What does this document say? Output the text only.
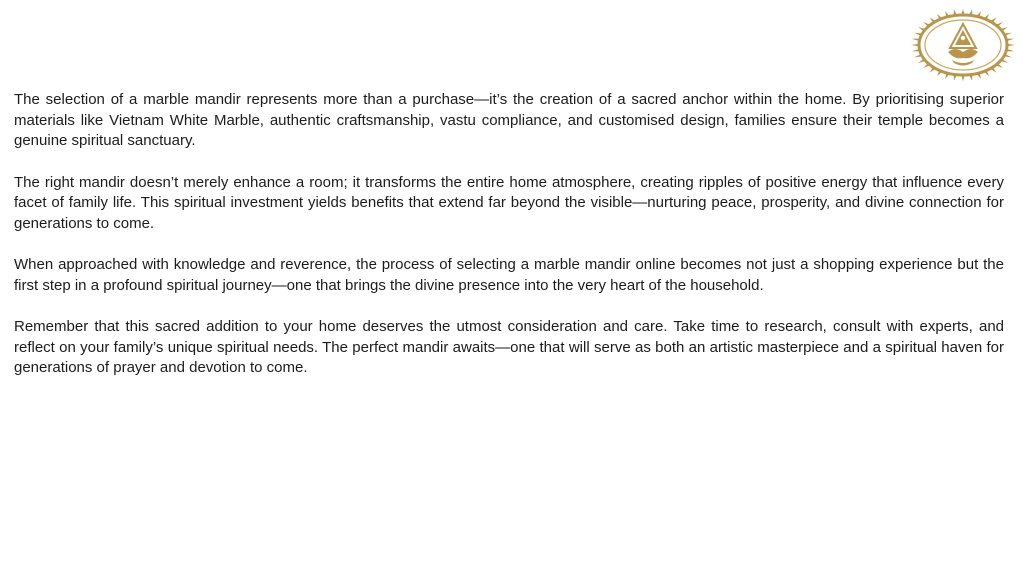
The selection of a marble mandir represents more than a purchase—it’s the creation of a sacred anchor within the home. By prioritising superior materials like Vietnam White Marble, authentic craftsmanship, vastu compliance, and customised design, families ensure their temple becomes a genuine spiritual sanctuary.

The right mandir doesn’t merely enhance a room; it transforms the entire home atmosphere, creating ripples of positive energy that influence every facet of family life. This spiritual investment yields benefits that extend far beyond the visible—nurturing peace, prosperity, and divine connection for generations to come.

When approached with knowledge and reverence, the process of selecting a marble mandir online becomes not just a shopping experience but the first step in a profound spiritual journey—one that brings the divine presence into the very heart of the household.

Remember that this sacred addition to your home deserves the utmost consideration and care. Take time to research, consult with experts, and reflect on your family’s unique spiritual needs. The perfect mandir awaits—one that will serve as both an artistic masterpiece and a spiritual haven for generations of prayer and devotion to come.
